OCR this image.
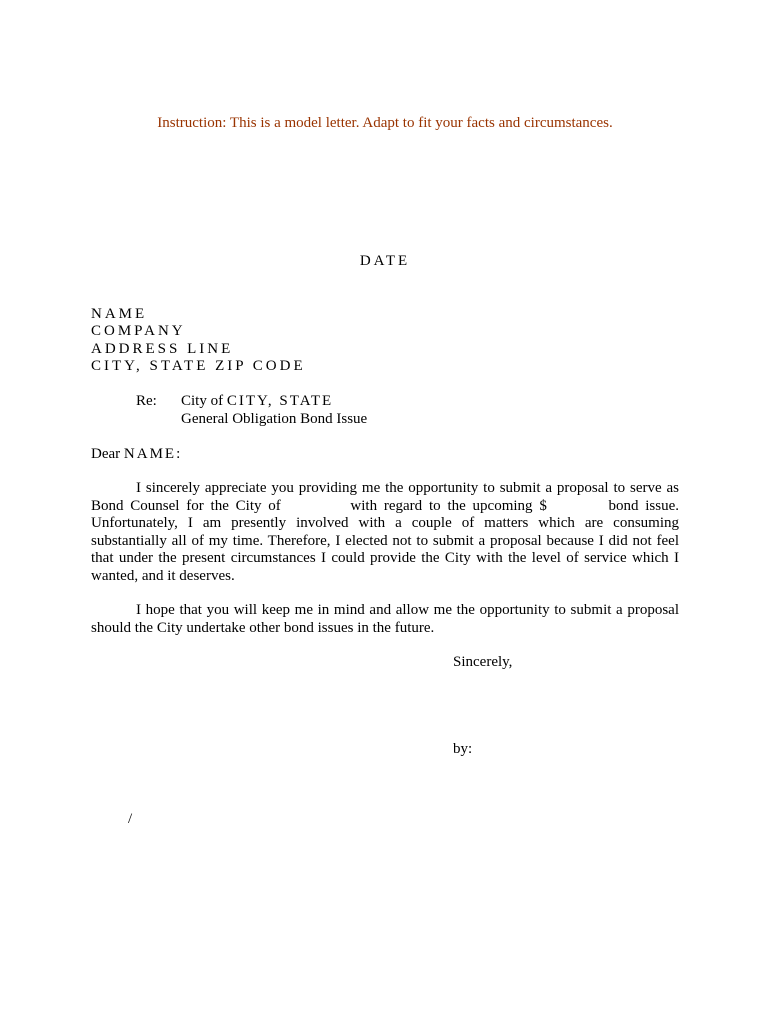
Instruction: This is a model letter. Adapt to fit your facts and circumstances.
DATE
NAME
COMPANY
ADDRESS LINE
CITY, STATE ZIP CODE
Re: City of CITY, STATE
General Obligation Bond Issue
Dear NAME:
I sincerely appreciate you providing me the opportunity to submit a proposal to serve as Bond Counsel for the City of	with regard to the upcoming $	bond issue. Unfortunately, I am presently involved with a couple of matters which are consuming substantially all of my time. Therefore, I elected not to submit a proposal because I did not feel that under the present circumstances I could provide the City with the level of service which I wanted, and it deserves.
I hope that you will keep me in mind and allow me the opportunity to submit a proposal should the City undertake other bond issues in the future.
Sincerely,
by:
/
